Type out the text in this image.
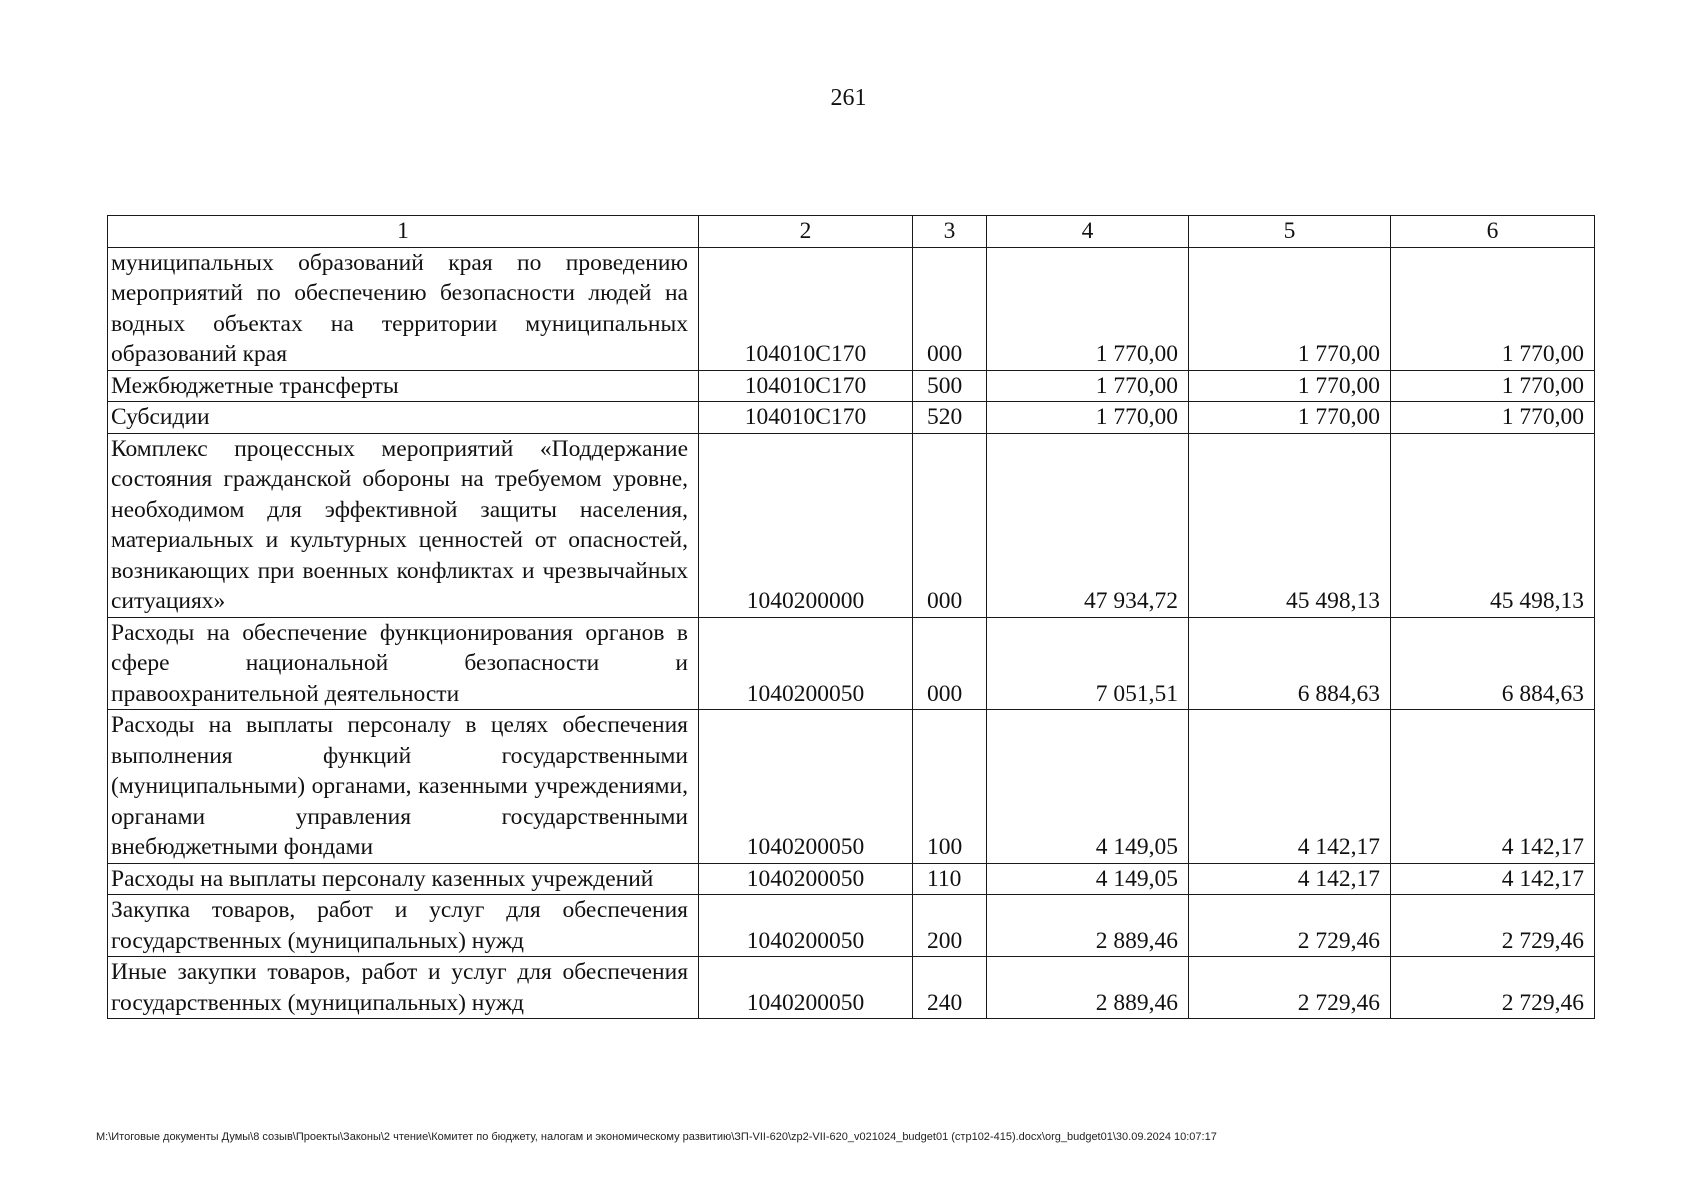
261
1	2	3	4	5	6
муниципальных образований края по проведению мероприятий по обеспечению безопасности людей на водных объектах на территории муниципальных образований края	104010С170	000	1 770,00	1 770,00	1 770,00
Межбюджетные трансферты	104010С170	500	1 770,00	1 770,00	1 770,00
Субсидии	104010С170	520	1 770,00	1 770,00	1 770,00
Комплекс процессных мероприятий «Поддержание состояния гражданской обороны на требуемом уровне, необходимом для эффективной защиты населения, материальных и культурных ценностей от опасностей, возникающих при военных конфликтах и чрезвычайных ситуациях»	1040200000	000	47 934,72	45 498,13	45 498,13
Расходы на обеспечение функционирования органов в сфере национальной безопасности и правоохранительной деятельности	1040200050	000	7 051,51	6 884,63	6 884,63
Расходы на выплаты персоналу в целях обеспечения выполнения функций государственными (муниципальными) органами, казенными учреждениями, органами управления государственными внебюджетными фондами	1040200050	100	4 149,05	4 142,17	4 142,17
Расходы на выплаты персоналу казенных учреждений	1040200050	110	4 149,05	4 142,17	4 142,17
Закупка товаров, работ и услуг для обеспечения государственных (муниципальных) нужд	1040200050	200	2 889,46	2 729,46	2 729,46
Иные закупки товаров, работ и услуг для обеспечения государственных (муниципальных) нужд	1040200050	240	2 889,46	2 729,46	2 729,46
M:\Итоговые документы Думы\8 созыв\Проекты\Законы\2 чтение\Комитет по бюджету, налогам и экономическому развитию\ЗП-VII-620\zp2-VII-620_v021024_budget01 (стр102-415).docx\org_budget01\30.09.2024 10:07:17
